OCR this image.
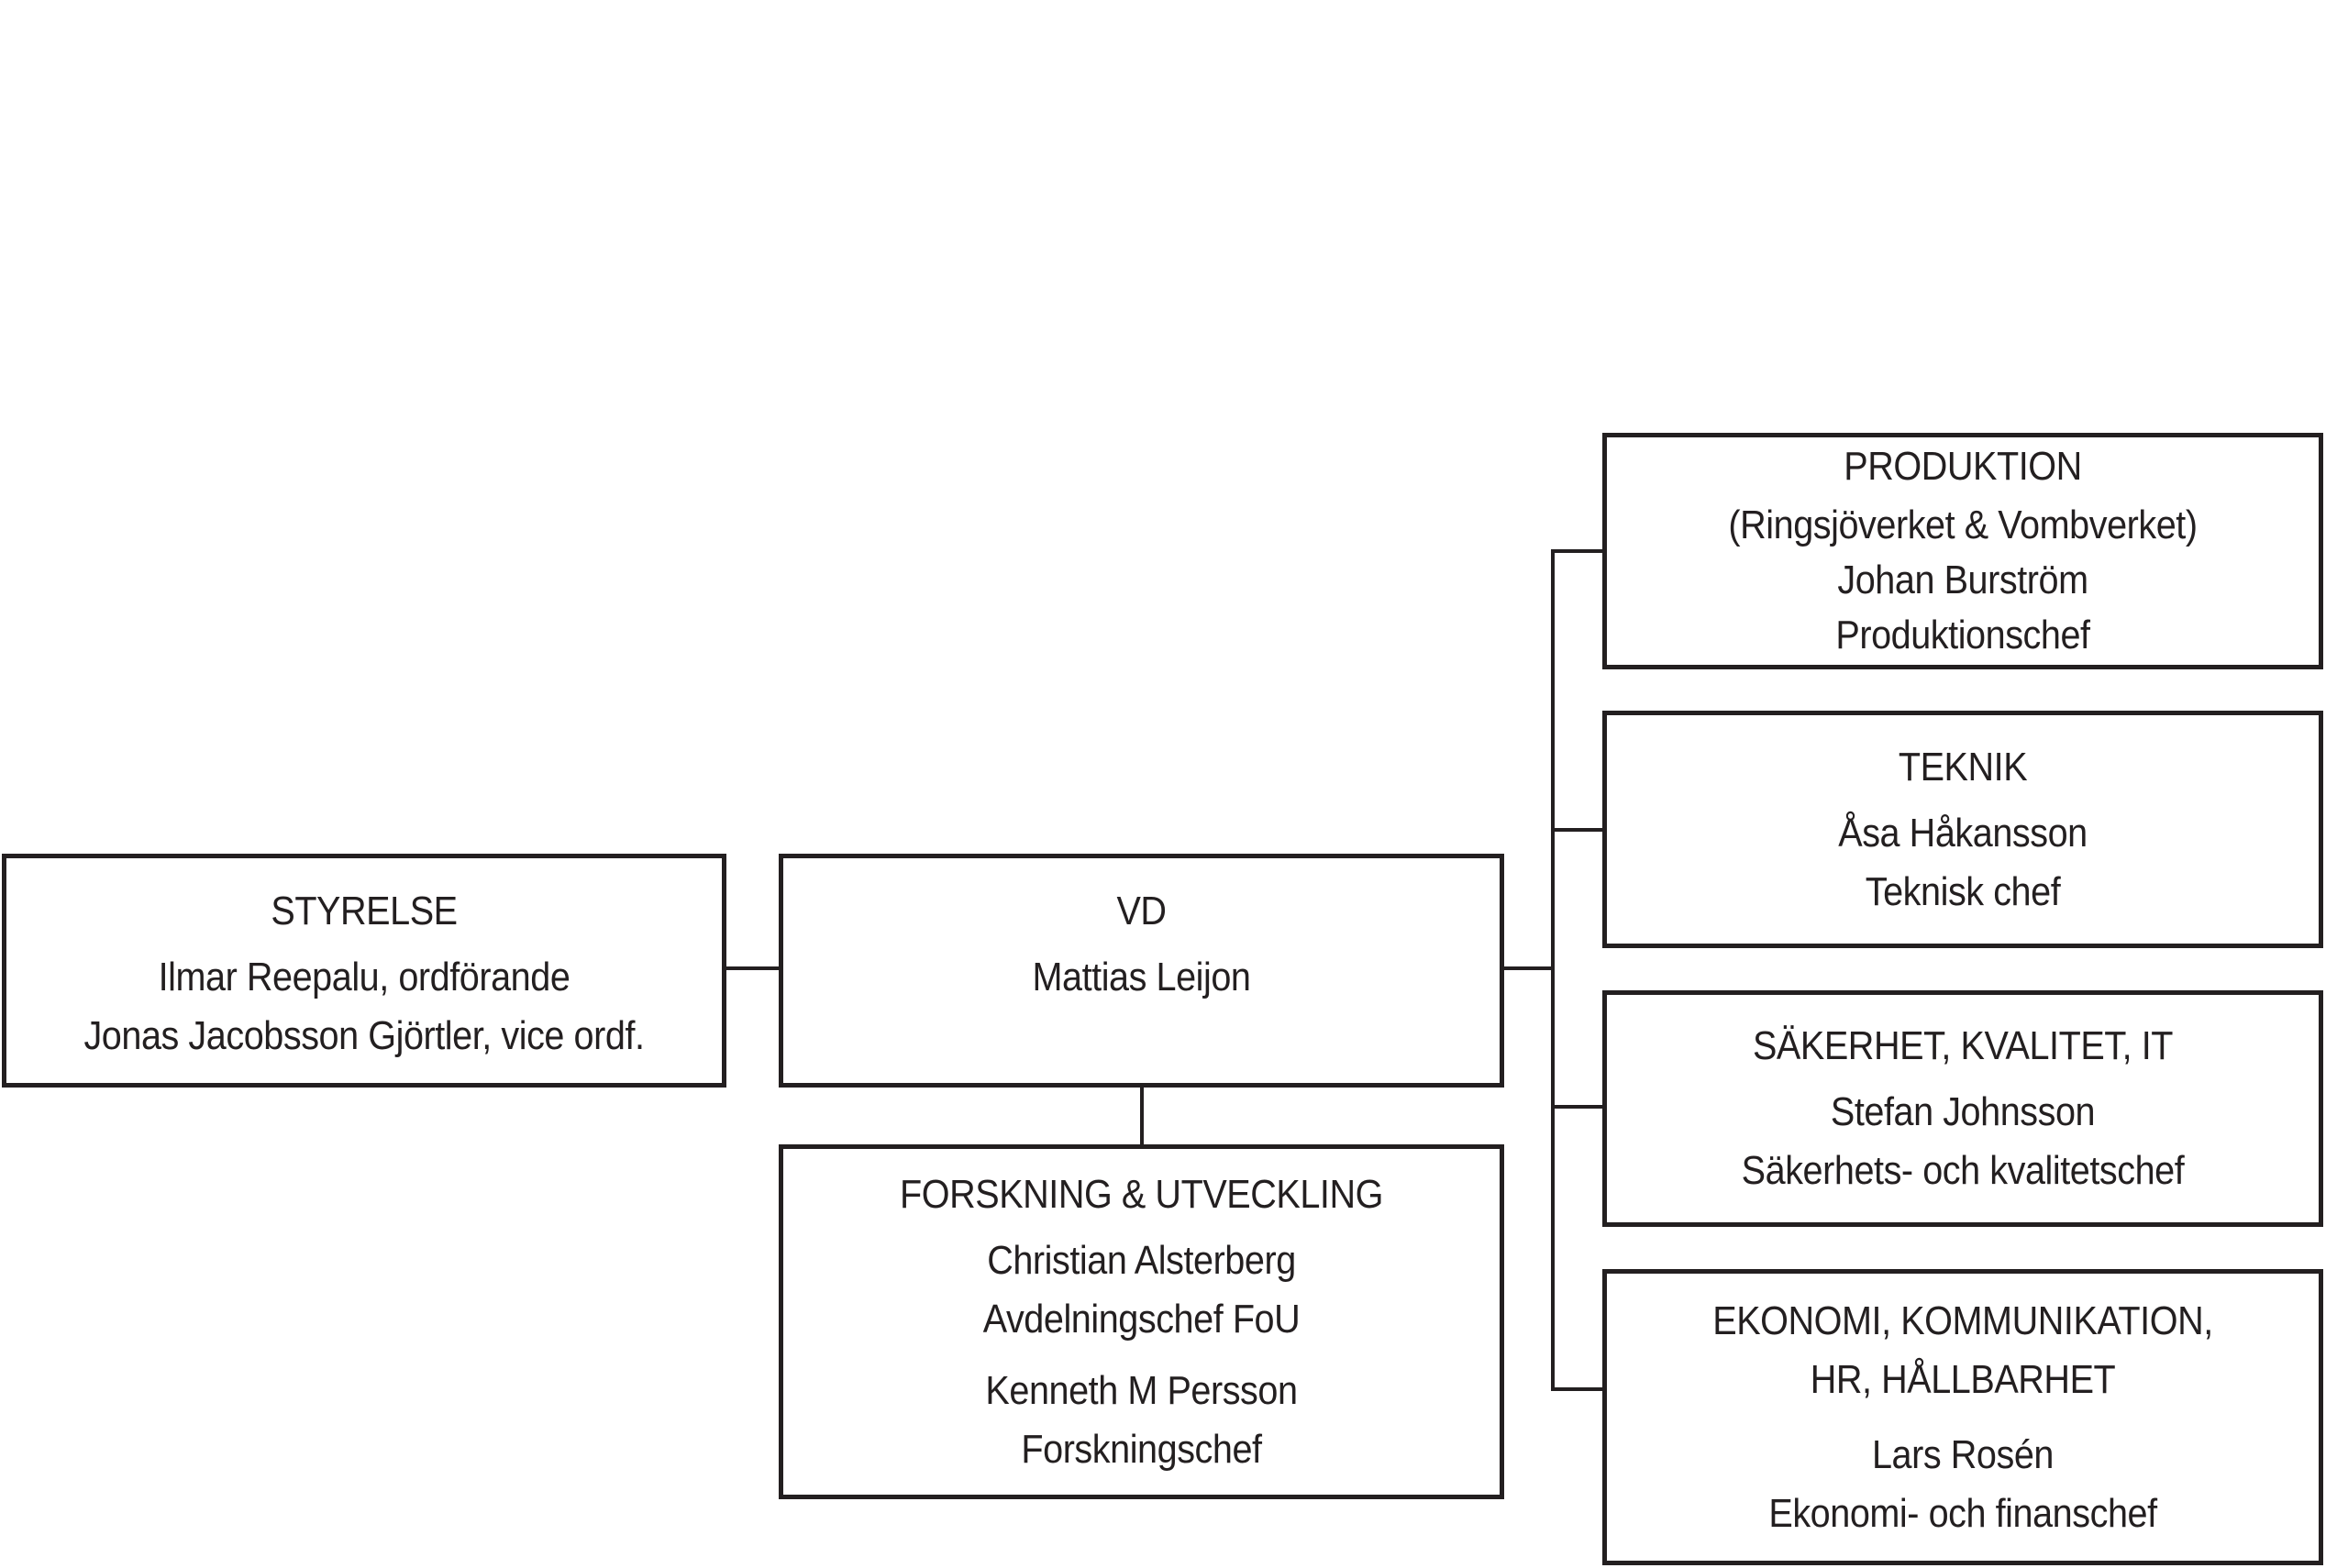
STYRELSE
Ilmar Reepalu, ordförande
Jonas Jacobsson Gjörtler, vice ordf.
VD
Mattias Leijon
FORSKNING & UTVECKLING
Christian Alsterberg
Avdelningschef FoU
Kenneth M Persson
Forskningschef
PRODUKTION
(Ringsjöverket & Vombverket)
Johan Burström
Produktionschef
TEKNIK
Åsa Håkansson
Teknisk chef
SÄKERHET, KVALITET, IT
Stefan Johnsson
Säkerhets- och kvalitetschef
EKONOMI, KOMMUNIKATION,
HR, HÅLLBARHET
Lars Rosén
Ekonomi- och finanschef
